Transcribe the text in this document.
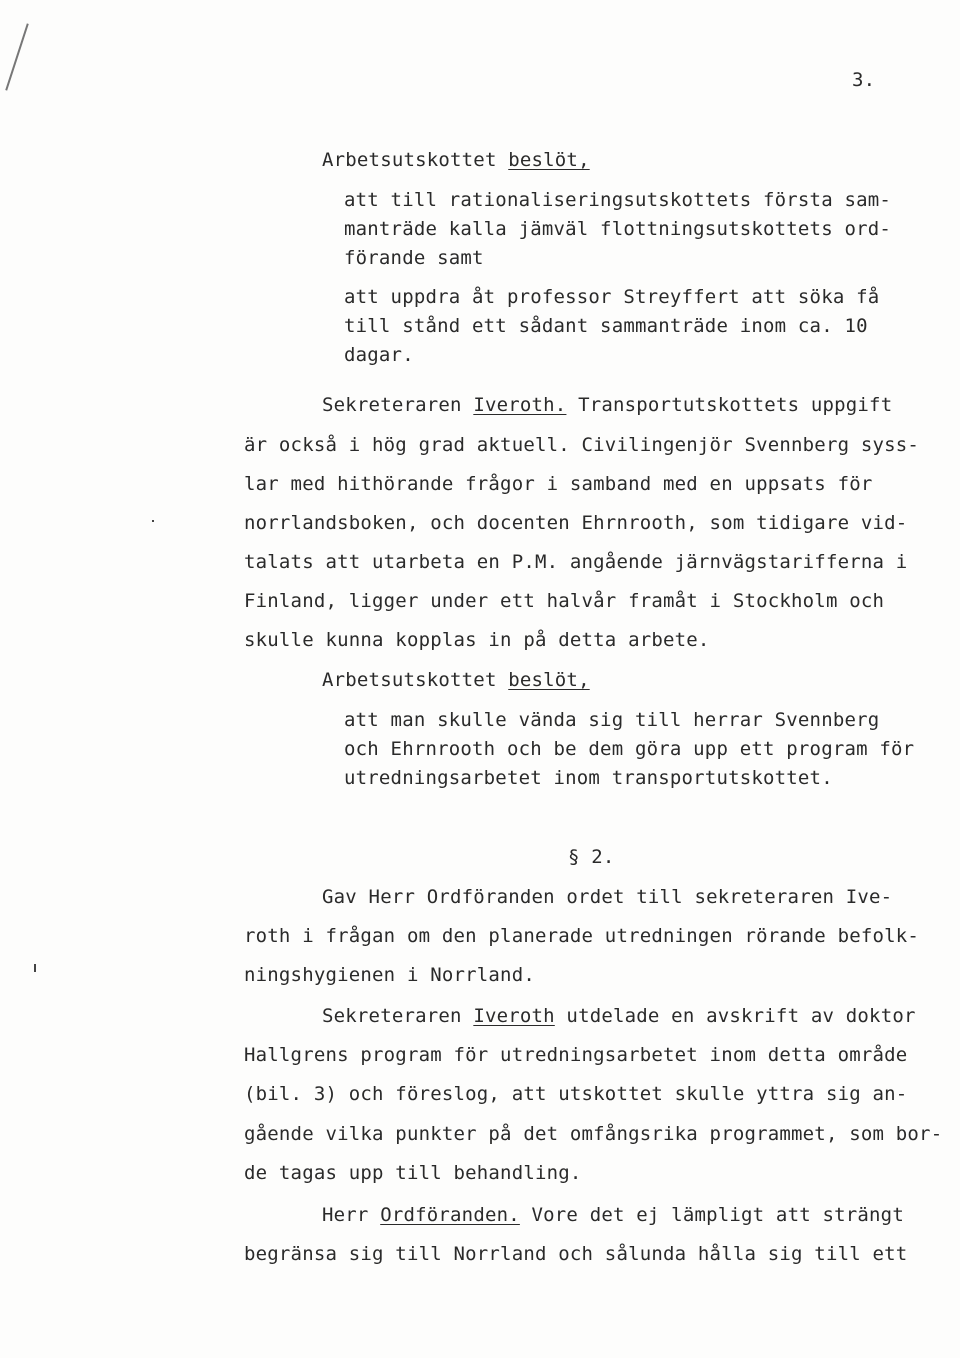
3.
Arbetsutskottet beslöt,
att till rationaliseringsutskottets första sam-
manträde kalla jämväl flottningsutskottets ord-
förande samt
att uppdra åt professor Streyffert att söka få
till stånd ett sådant sammanträde inom ca. 10
dagar.
Sekreteraren Iveroth. Transportutskottets uppgift
är också i hög grad aktuell. Civilingenjör Svennberg syss-
lar med hithörande frågor i samband med en uppsats för
norrlandsboken, och docenten Ehrnrooth, som tidigare vid-
talats att utarbeta en P.M. angående järnvägstarifferna i
Finland, ligger under ett halvår framåt i Stockholm och
skulle kunna kopplas in på detta arbete.
Arbetsutskottet beslöt,
att man skulle vända sig till herrar Svennberg
och Ehrnrooth och be dem göra upp ett program för
utredningsarbetet inom transportutskottet.
§ 2.
Gav Herr Ordföranden ordet till sekreteraren Ive-
roth i frågan om den planerade utredningen rörande befolk-
ningshygienen i Norrland.
Sekreteraren Iveroth utdelade en avskrift av doktor
Hallgrens program för utredningsarbetet inom detta område
(bil. 3) och föreslog, att utskottet skulle yttra sig an-
gående vilka punkter på det omfångsrika programmet, som bor-
de tagas upp till behandling.
Herr Ordföranden. Vore det ej lämpligt att strängt
begränsa sig till Norrland och sålunda hålla sig till ett
